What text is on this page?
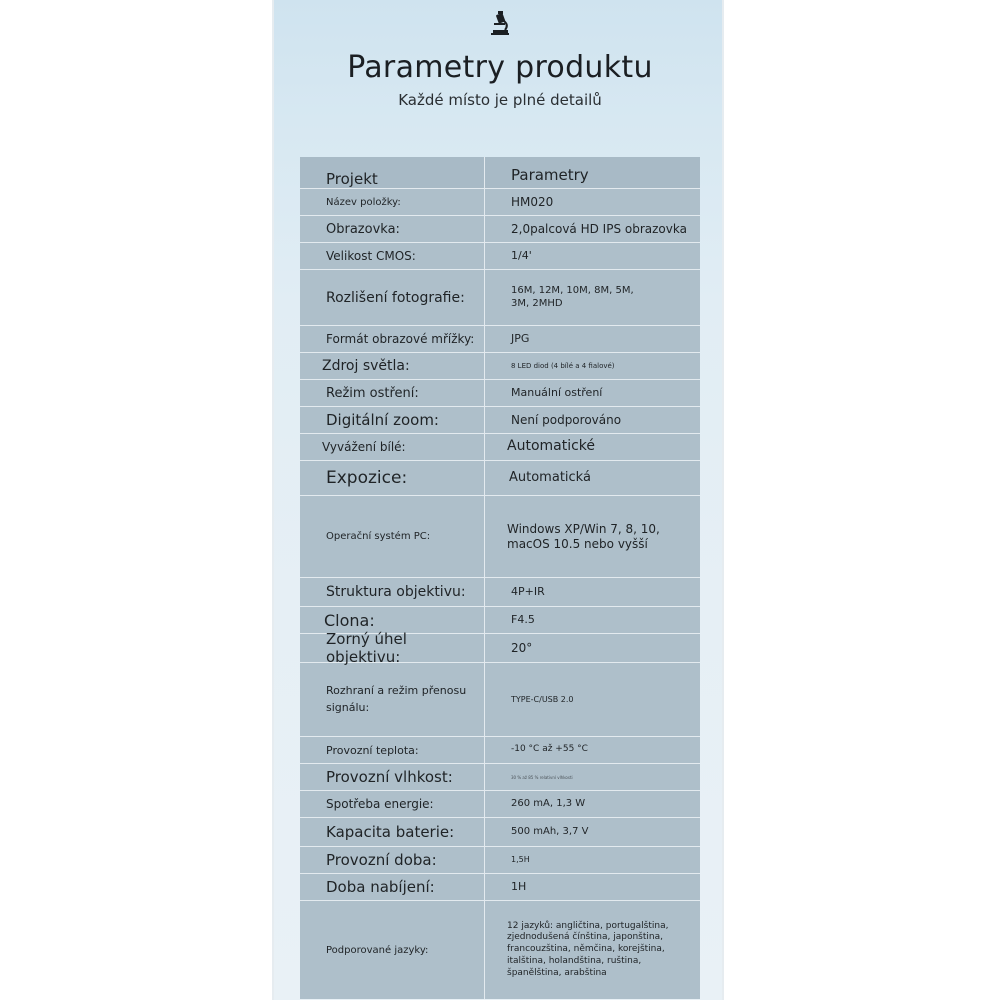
Parametry produktu
Každé místo je plné detailů
Projekt	Parametry
Název položky:	HM020
Obrazovka:	2,0palcová HD IPS obrazovka
Velikost CMOS:	1/4'
Rozlišení fotografie:	16M, 12M, 10M, 8M, 5M, 3M, 2MHD
Formát obrazové mřížky:	JPG
Zdroj světla:	8 LED diod (4 bílé a 4 fialové)
Režim ostření:	Manuální ostření
Digitální zoom:	Není podporováno
Vyvážení bílé:	Automatické
Expozice:	Automatická
Operační systém PC:
Windows XP/Win 7, 8, 10, macOS 10.5 nebo vyšší
Struktura objektivu:	4P+IR
Clona:	F4.5
Zorný úhel objektivu:
20°
Rozhraní a režim přenosu signálu:
TYPE-C/USB 2.0
Provozní teplota:	-10 °C až +55 °C
Provozní vlhkost:	30 % až 85 % relativní vlhkosti
Spotřeba energie:	260 mA, 1,3 W
Kapacita baterie:	500 mAh, 3,7 V
Provozní doba:	1,5H
Doba nabíjení:	1H
Podporované jazyky:
12 jazyků: angličtina, portugalština, zjednodušená čínština, japonština, francouzština, němčina, korejština, italština, holandština, ruština, španělština, arabština
